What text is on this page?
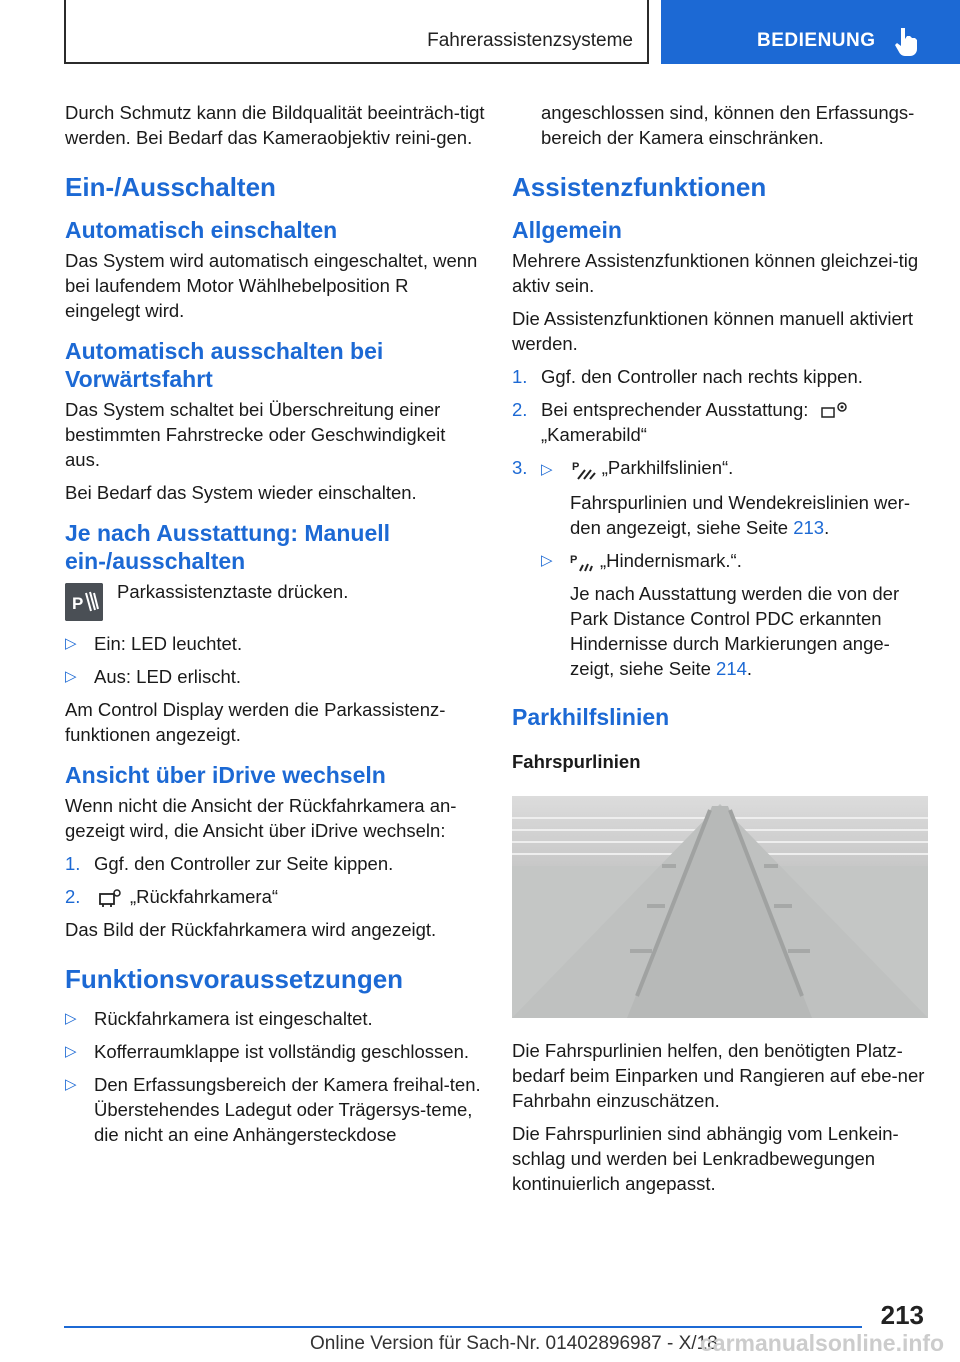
Fahrerassistenzsysteme	BEDIENUNG

Durch Schmutz kann die Bildqualität beeinträch‐tigt werden. Bei Bedarf das Kameraobjektiv reini‐gen.

Ein-/Ausschalten
Automatisch einschalten

Das System wird automatisch eingeschaltet, wenn bei laufendem Motor Wählhebelposition R eingelegt wird.

Automatisch ausschalten bei Vorwärtsfahrt

Das System schaltet bei Überschreitung einer bestimmten Fahrstrecke oder Geschwindigkeit aus.

Bei Bedarf das System wieder einschalten.

Je nach Ausstattung: Manuell ein-/ausschalten
P
Parkassistenztaste drücken.
▷ Ein: LED leuchtet.
▷ Aus: LED erlischt.

Am Control Display werden die Parkassistenz‐funktionen angezeigt.

Ansicht über iDrive wechseln

Wenn nicht die Ansicht der Rückfahrkamera an‐gezeigt wird, die Ansicht über iDrive wechseln:

1. Ggf. den Controller zur Seite kippen.
2.	„Rückfahrkamera“

Das Bild der Rückfahrkamera wird angezeigt.

Funktionsvoraussetzungen
▷ Rückfahrkamera ist eingeschaltet.
▷ Kofferraumklappe ist vollständig geschlossen.
▷ Den Erfassungsbereich der Kamera freihal‐ten. Überstehendes Ladegut oder Trägersys‐teme, die nicht an eine Anhängersteckdose

angeschlossen sind, können den Erfassungs‐bereich der Kamera einschränken.

Assistenzfunktionen
Allgemein

Mehrere Assistenzfunktionen können gleichzei‐tig aktiv sein.

Die Assistenzfunktionen können manuell aktiviert werden.

1. Ggf. den Controller nach rechts kippen.
2. Bei entsprechender Ausstattung:
„Kamerabild“
3. ▷ P „Parkhilfslinien“.

Fahrspurlinien und Wendekreislinien wer‐den angezeigt, siehe Seite 213.

▷ P „Hindernismark.“.

Je nach Ausstattung werden die von der Park Distance Control PDC erkannten Hindernisse durch Markierungen ange‐zeigt, siehe Seite 214.

Parkhilfslinien
Fahrspurlinien

Die Fahrspurlinien helfen, den benötigten Platz‐bedarf beim Einparken und Rangieren auf ebe‐ner Fahrbahn einzuschätzen.

Die Fahrspurlinien sind abhängig vom Lenkein‐schlag und werden bei Lenkradbewegungen kontinuierlich angepasst.

213
Online Version für Sach-Nr. 01402896987 - X/18
carmanualsonline.info
